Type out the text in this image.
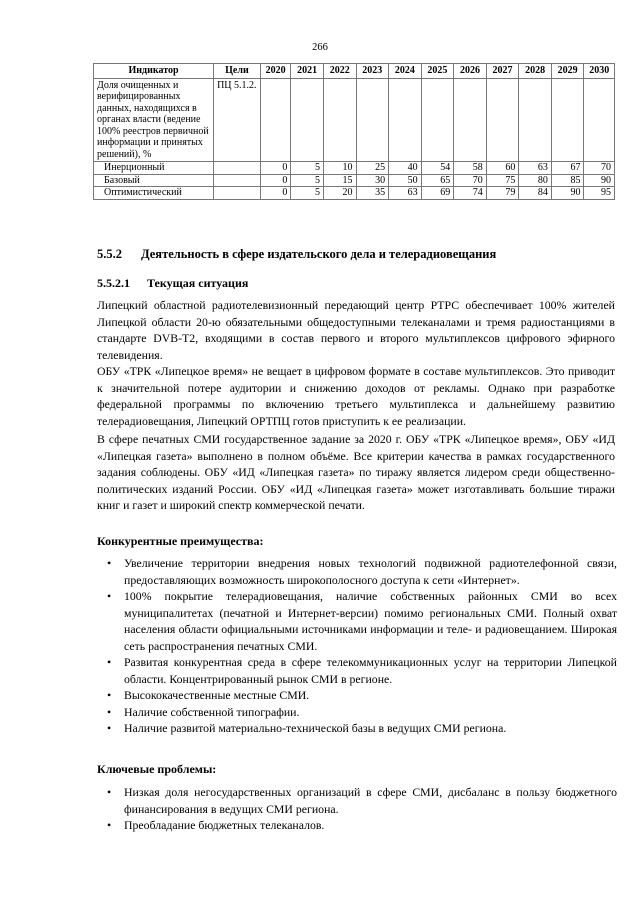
266
Индикатор	Цели	2020	2021	2022	2023	2024	2025	2026	2027	2028	2029	2030
Доля очищенных и верифицированных данных, находящихся в органах власти (ведение 100% реестров первичной информации и принятых решений), %	ПЦ 5.1.2.											
Инерционный		0	5	10	25	40	54	58	60	63	67	70
Базовый		0	5	15	30	50	65	70	75	80	85	90
Оптимистический		0	5	20	35	63	69	74	79	84	90	95
5.5.2 Деятельность в сфере издательского дела и телерадиовещания
5.5.2.1 Текущая ситуация

Липецкий областной радиотелевизионный передающий центр РТРС обеспечивает 100% жителей Липецкой области 20-ю обязательными общедоступными телеканалами и тремя радиостанциями в стандарте DVB-T2, входящими в состав первого и второго мультиплексов цифрового эфирного телевидения.

ОБУ «ТРК «Липецкое время» не вещает в цифровом формате в составе мультиплексов. Это приводит к значительной потере аудитории и снижению доходов от рекламы. Однако при разработке федеральной программы по включению третьего мультиплекса и дальнейшему развитию телерадиовещания, Липецкий ОРТПЦ готов приступить к ее реализации.

В сфере печатных СМИ государственное задание за 2020 г. ОБУ «ТРК «Липецкое время», ОБУ «ИД «Липецкая газета» выполнено в полном объёме. Все критерии качества в рамках государственного задания соблюдены. ОБУ «ИД «Липецкая газета» по тиражу является лидером среди общественно-политических изданий России. ОБУ «ИД «Липецкая газета» может изготавливать большие тиражи книг и газет и широкий спектр коммерческой печати.

Конкурентные преимущества:
• Увеличение территории внедрения новых технологий подвижной радиотелефонной связи, предоставляющих возможность широкополосного доступа к сети «Интернет».
• 100% покрытие телерадиовещания, наличие собственных районных СМИ во всех муниципалитетах (печатной и Интернет-версии) помимо региональных СМИ. Полный охват населения области официальными источниками информации и теле- и радиовещанием. Широкая сеть распространения печатных СМИ.
• Развитая конкурентная среда в сфере телекоммуникационных услуг на территории Липецкой области. Концентрированный рынок СМИ в регионе.
• Высококачественные местные СМИ.
• Наличие собственной типографии.
• Наличие развитой материально-технической базы в ведущих СМИ региона.
Ключевые проблемы:
• Низкая доля негосударственных организаций в сфере СМИ, дисбаланс в пользу бюджетного финансирования в ведущих СМИ региона.
• Преобладание бюджетных телеканалов.
